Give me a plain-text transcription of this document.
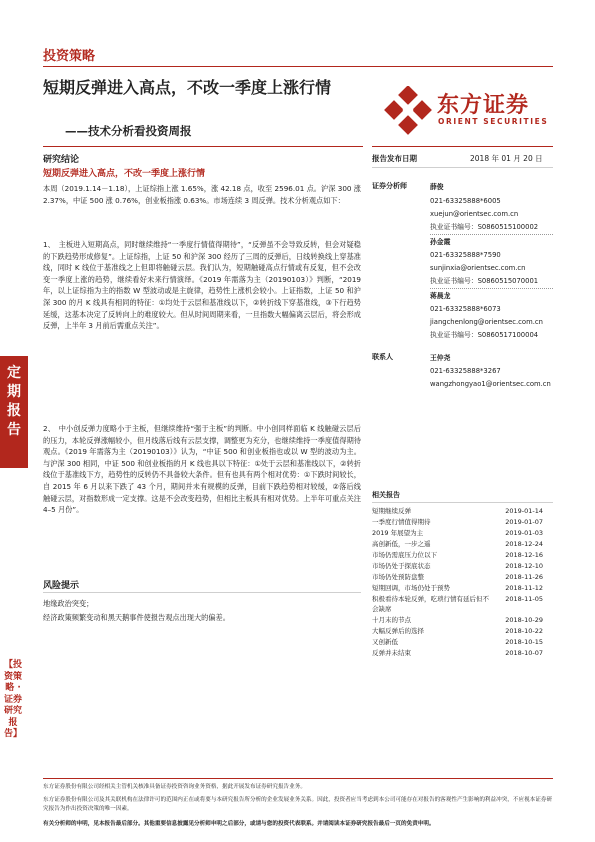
投资策略
短期反弹进入高点，不改一季度上涨行情
——技术分析看投资周报
东方证券
ORIENT SECURITIES
研究结论
短期反弹进入高点，不改一季度上涨行情
本周（2019.1.14－1.18），上证综指上涨 1.65%，涨 42.18 点，收至 2596.01 点。沪深 300 涨 2.37%，中证 500 涨 0.76%，创业板指涨 0.63%。市场连续 3 周反弹。技术分析观点如下：
1、　主板进入短期高点，同时继续维持“一季度行情值得期待”，“反弹虽不会导致反转，但会对疑稳的下跌趋势形成修复”。上证综指，上证 50 和沪深 300 经历了三周的反弹后，日线转换线上穿基准线，同时 K 线位于基准线之上但即将触碰云层。我们认为，短期触碰高点行情或有反复，但不会改变一季度上涨的趋势，继续看好未来行情演绎。《2019 年需落为主（20190103）》判断，“2019 年，以上证综指为主的指数 W 型波动或是主旋律，趋势性上涨机会较小。上证指数，上证 50 和沪深 300 的月 K 线具有相同的特征：①均处于云层和基准线以下，②转折线下穿基准线，③下行趋势延缓，这基本决定了反转向上的难度较大。但从时间周期来看，一旦指数大幅偏离云层后，将会形成反弹，上半年 3 月前后需重点关注”。
2、　中小创反弹力度略小于主板，但继续维持“强于主板”的判断。中小创同样面临 K 线触碰云层后的压力，本轮反弹涨幅较小，但月线落后线有云层支撑，调整更为充分，也继续维持一季度值得期待观点。《2019 年需落为主（20190103）》认为，“中证 500 和创业板指也或以 W 型的波动为主。与沪深 300 相同，中证 500 和创业板指的月 K 线也具以下特征：①处于云层和基准线以下，②转折线位于基准线下方，趋势性的反转仍不具备较大条件。但有也具有两个相对优势：①下跌时间较长，自 2015 年 6 月以来下跌了 43 个月，期间并未有规模的反弹，目前下跌趋势相对较缓，②落后线触碰云层，对指数形成一定支撑。这是不会改变趋势，但相比主板具有相对优势。上半年可重点关注 4–5 月份”。
风险提示
地缘政治突变；
经济政策频繁变动和黑天鹅事件使报告观点出现大的偏差。
定期报告
【投资策略 · 证券研究报告】
报告发布日期	2018 年 01 月 20 日
证券分析师	薛俊
021-63325888*6005
xuejun@orientsec.com.cn
执业证书编号：S0860515100002
孙金霞
021-63325888*7590
sunjinxia@orientsec.com.cn
执业证书编号：S0860515070001
蒋晨龙
021-63325888*6073
jiangchenlong@orientsec.com.cn
执业证书编号：S0860517100004
联系人	王仲尧
021-63325888*3267
wangzhongyao1@orientsec.com.cn
相关报告
短期继续反弹	2019-01-14
一季度行情值得期待	2019-01-07
2019 年展望为主	2019-01-03
高创新低，一步之遥	2018-12-24
市场仍需底压力位以下	2018-12-16
市场仍处于探底状态	2018-12-10
市场仍处预防盘整	2018-11-26
短期回调，市场仍处于预势	2018-11-12
积极看待本轮反弹，吃琐行情有延后但不会缺席
2018-11-05
十月末的节点	2018-10-29
大幅反弹后的选择	2018-10-22
又创新低	2018-10-15
反弹并未结束	2018-10-07
东方证券股份有限公司经相关主管机关核准具备证券投资咨询业务资格，据此开展发布证券研究报告业务。
东方证券股份有限公司及其关联机构在法律许可的范围内正在或将要与本研究报告所分析的企业发展业务关系。因此，投资者应当考虑到本公司可能存在对报告的客观性产生影响的利益冲突，不应视本证券研究报告为作出投资决策的唯一因素。
有关分析师的申明，见本报告最后部分。其他重要信息披露见分析师申明之后部分，或请与您的投资代表联系。并请阅读本证券研究报告最后一页的免责申明。
